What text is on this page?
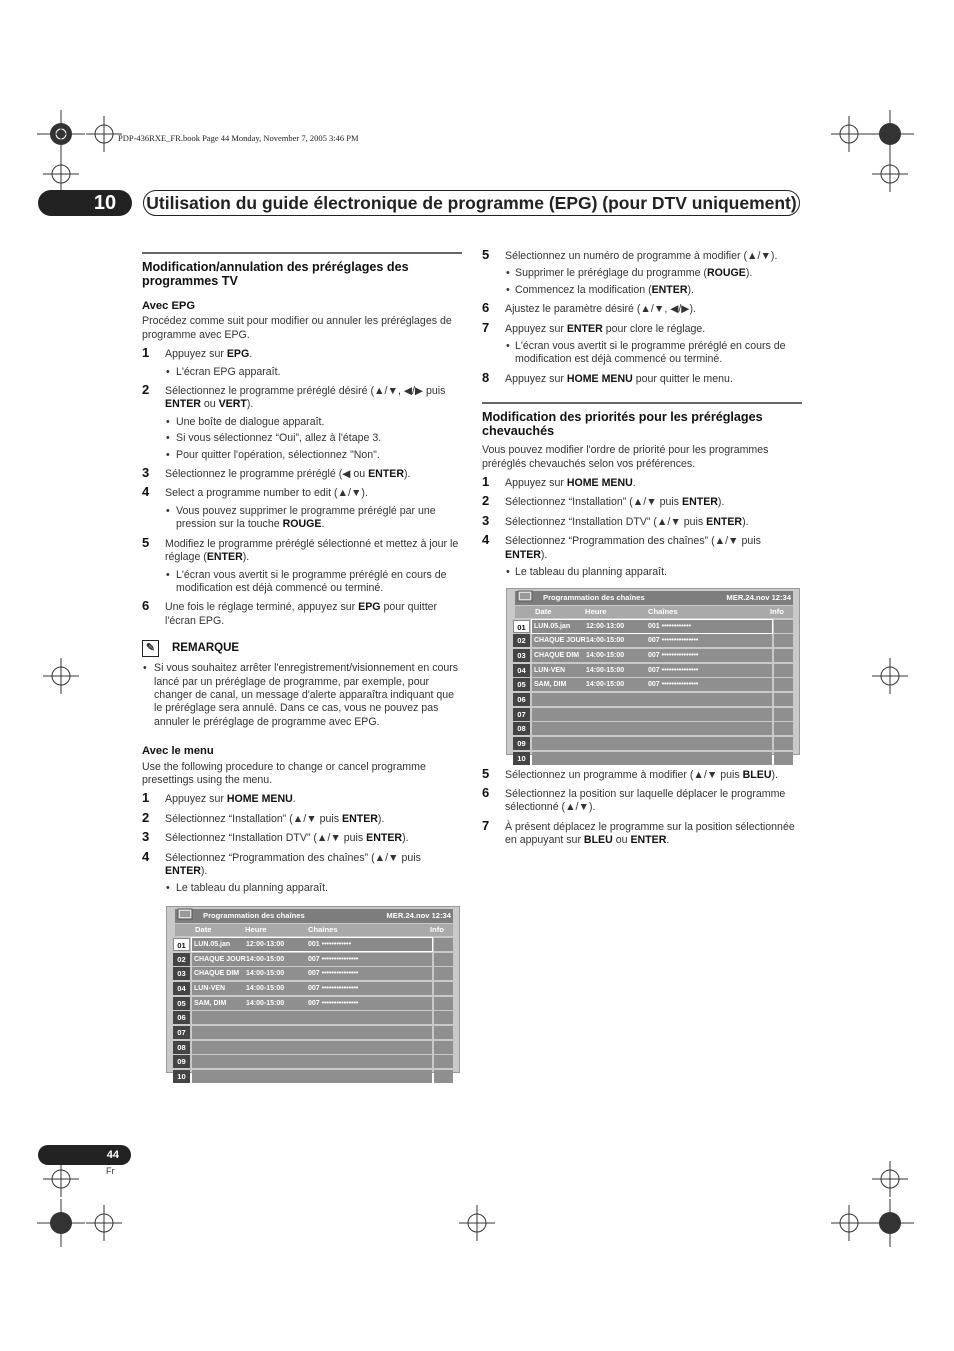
PDP-436RXE_FR.book Page 44 Monday, November 7, 2005 3:46 PM
10	Utilisation du guide électronique de programme (EPG) (pour DTV uniquement)
Modification/annulation des préréglages des programmes TV
Avec EPG
Procédez comme suit pour modifier ou annuler les préréglages de programme avec EPG.
1 Appuyez sur EPG.
• L'écran EPG apparaît.
2 Sélectionnez le programme préréglé désiré (▲/▼, ◀/▶ puis ENTER ou VERT).
• Une boîte de dialogue apparaît.
• Si vous sélectionnez “Oui”, allez à l'étape 3.
• Pour quitter l'opération, sélectionnez "Non".
3 Sélectionnez le programme préréglé (◀ ou ENTER).
4 Select a programme number to edit (▲/▼).
• Vous pouvez supprimer le programme préréglé par une pression sur la touche ROUGE.
5 Modifiez le programme préréglé sélectionné et mettez à jour le réglage (ENTER).
• L'écran vous avertit si le programme préréglé en cours de modification est déjà commencé ou terminé.
6 Une fois le réglage terminé, appuyez sur EPG pour quitter l'écran EPG.
✎	REMARQUE
• Si vous souhaitez arrêter l'enregistrement/visionnement en cours lancé par un préréglage de programme, par exemple, pour changer de canal, un message d'alerte apparaîtra indiquant que le préréglage sera annulé. Dans ce cas, vous ne pouvez pas annuler le préréglage de programme avec EPG.
Avec le menu
Use the following procedure to change or cancel programme presettings using the menu.
1 Appuyez sur HOME MENU.
2 Sélectionnez “Installation” (▲/▼ puis ENTER).
3 Sélectionnez “Installation DTV” (▲/▼ puis ENTER).
4 Sélectionnez “Programmation des chaînes” (▲/▼ puis ENTER).
• Le tableau du planning apparaît.
Programmation des chaînes	MER.24.nov 12:34
Date	Heure	Chaînes	Info
01	LUN.05.jan 12:00-13:00	001 ••••••••••••
02	CHAQUE JOUR 14:00-15:00	007 •••••••••••••••
03	CHAQUE DIM 14:00-15:00	007 •••••••••••••••
04	LUN-VEN	14:00-15:00	007 •••••••••••••••
05	SAM, DIM	14:00-15:00	007 •••••••••••••••
06
07
08
09
10
5 Sélectionnez un numéro de programme à modifier (▲/▼).
• Supprimer le préréglage du programme (ROUGE).
• Commencez la modification (ENTER).
6 Ajustez le paramètre désiré (▲/▼, ◀/▶).
7 Appuyez sur ENTER pour clore le réglage.
• L'écran vous avertit si le programme préréglé en cours de modification est déjà commencé ou terminé.
8 Appuyez sur HOME MENU pour quitter le menu.
Modification des priorités pour les préréglages chevauchés
Vous pouvez modifier l'ordre de priorité pour les programmes préréglés chevauchés selon vos préférences.
1 Appuyez sur HOME MENU.
2 Sélectionnez “Installation” (▲/▼ puis ENTER).
3 Sélectionnez “Installation DTV” (▲/▼ puis ENTER).
4 Sélectionnez “Programmation des chaînes” (▲/▼ puis ENTER).
• Le tableau du planning apparaît.
Programmation des chaînes	MER.24.nov 12:34
Date	Heure	Chaînes	Info
01	LUN.05.jan 12:00-13:00	001 ••••••••••••
02	CHAQUE JOUR 14:00-15:00	007 •••••••••••••••
03	CHAQUE DIM 14:00-15:00	007 •••••••••••••••
04	LUN-VEN	14:00-15:00	007 •••••••••••••••
05	SAM, DIM	14:00-15:00	007 •••••••••••••••
06
07
08
09
10
5 Sélectionnez un programme à modifier (▲/▼ puis BLEU).
6 Sélectionnez la position sur laquelle déplacer le programme sélectionné (▲/▼).
7 À présent déplacez le programme sur la position sélectionnée en appuyant sur BLEU ou ENTER.
44
Fr
